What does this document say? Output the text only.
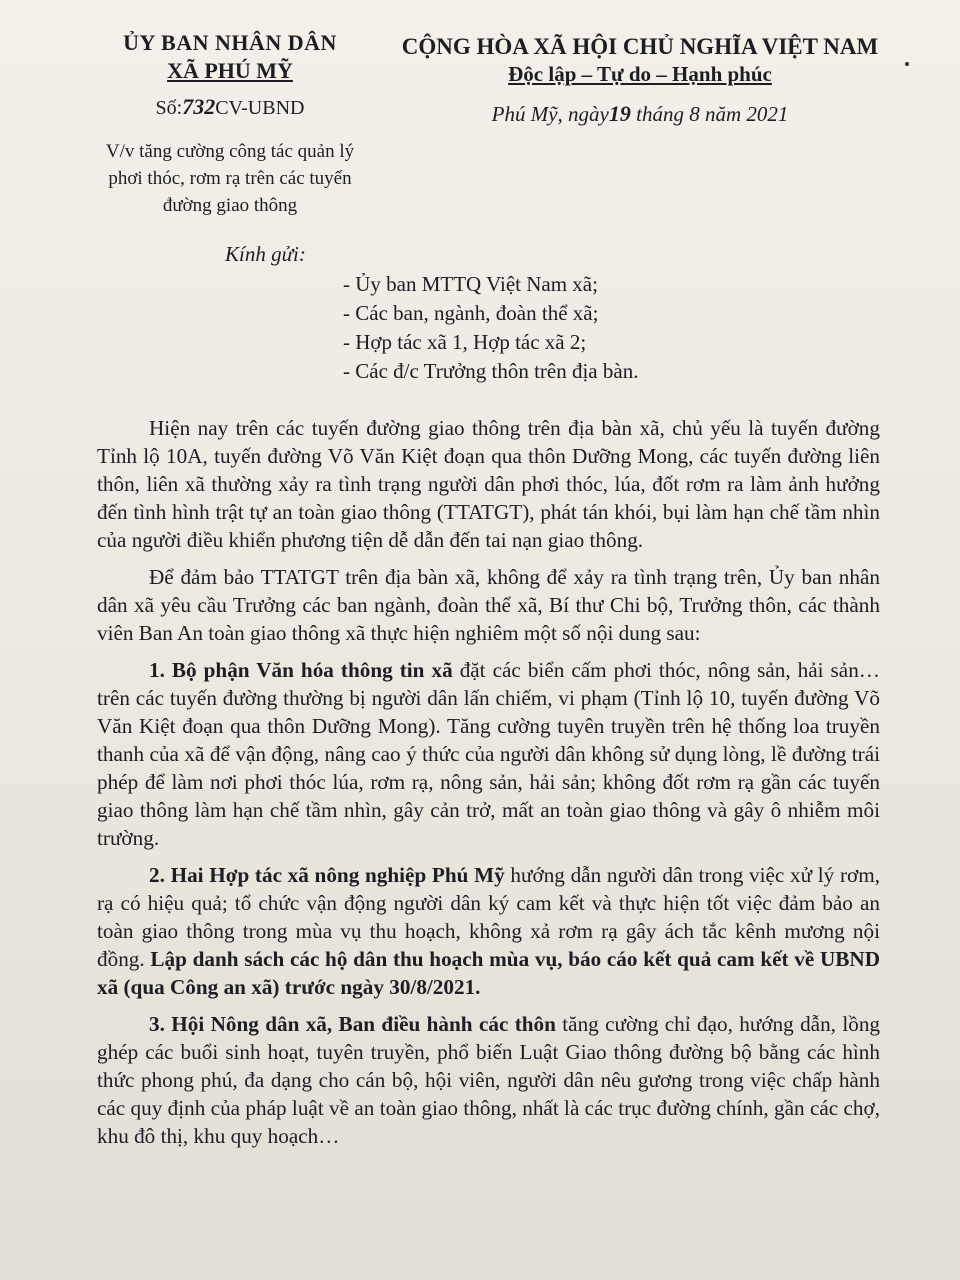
ỦY BAN NHÂN DÂN
XÃ PHÚ MỸ
Số:732CV-UBND
V/v tăng cường công tác quản lý
phơi thóc, rơm rạ trên các tuyến
đường giao thông
CỘNG HÒA XÃ HỘI CHỦ NGHĨA VIỆT NAM
Độc lập – Tự do – Hạnh phúc
Phú Mỹ, ngày19 tháng 8 năm 2021
Kính gửi:
- Ủy ban MTTQ Việt Nam xã;
- Các ban, ngành, đoàn thể xã;
- Hợp tác xã 1, Hợp tác xã 2;
- Các đ/c Trưởng thôn trên địa bàn.

Hiện nay trên các tuyến đường giao thông trên địa bàn xã, chủ yếu là tuyến đường Tỉnh lộ 10A, tuyến đường Võ Văn Kiệt đoạn qua thôn Dưỡng Mong, các tuyến đường liên thôn, liên xã thường xảy ra tình trạng người dân phơi thóc, lúa, đốt rơm ra làm ảnh hưởng đến tình hình trật tự an toàn giao thông (TTATGT), phát tán khói, bụi làm hạn chế tầm nhìn của người điều khiển phương tiện dễ dẫn đến tai nạn giao thông.

Để đảm bảo TTATGT trên địa bàn xã, không để xảy ra tình trạng trên, Ủy ban nhân dân xã yêu cầu Trưởng các ban ngành, đoàn thể xã, Bí thư Chi bộ, Trưởng thôn, các thành viên Ban An toàn giao thông xã thực hiện nghiêm một số nội dung sau:

1. Bộ phận Văn hóa thông tin xã đặt các biển cấm phơi thóc, nông sản, hải sản… trên các tuyến đường thường bị người dân lấn chiếm, vi phạm (Tỉnh lộ 10, tuyến đường Võ Văn Kiệt đoạn qua thôn Dưỡng Mong). Tăng cường tuyên truyền trên hệ thống loa truyền thanh của xã để vận động, nâng cao ý thức của người dân không sử dụng lòng, lề đường trái phép để làm nơi phơi thóc lúa, rơm rạ, nông sản, hải sản; không đốt rơm rạ gần các tuyến giao thông làm hạn chế tầm nhìn, gây cản trở, mất an toàn giao thông và gây ô nhiễm môi trường.

2. Hai Hợp tác xã nông nghiệp Phú Mỹ hướng dẫn người dân trong việc xử lý rơm, rạ có hiệu quả; tổ chức vận động người dân ký cam kết và thực hiện tốt việc đảm bảo an toàn giao thông trong mùa vụ thu hoạch, không xả rơm rạ gây ách tắc kênh mương nội đồng. Lập danh sách các hộ dân thu hoạch mùa vụ, báo cáo kết quả cam kết về UBND xã (qua Công an xã) trước ngày 30/8/2021.

3. Hội Nông dân xã, Ban điều hành các thôn tăng cường chỉ đạo, hướng dẫn, lồng ghép các buổi sinh hoạt, tuyên truyền, phổ biến Luật Giao thông đường bộ bằng các hình thức phong phú, đa dạng cho cán bộ, hội viên, người dân nêu gương trong việc chấp hành các quy định của pháp luật về an toàn giao thông, nhất là các trục đường chính, gần các chợ, khu đô thị, khu quy hoạch…
